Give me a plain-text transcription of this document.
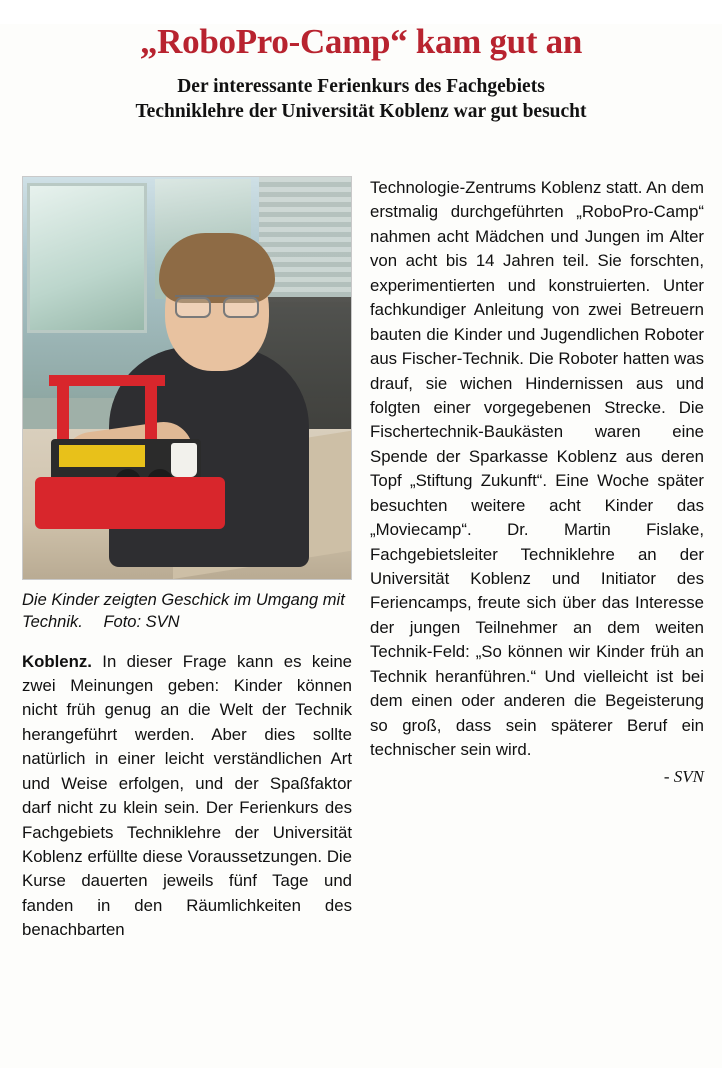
„RoboPro-Camp“ kam gut an
Der interessante Ferienkurs des Fachgebiets
Techniklehre der Universität Koblenz war gut besucht
Die Kinder zeigten Geschick im Umgang mit Technik. Foto: SVN

Koblenz. In dieser Frage kann es keine zwei Meinungen geben: Kinder können nicht früh genug an die Welt der Technik herangeführt werden. Aber dies sollte natürlich in einer leicht verständlichen Art und Weise erfolgen, und der Spaßfaktor darf nicht zu klein sein. Der Ferienkurs des Fachgebiets Techniklehre der Universität Koblenz erfüllte diese Voraussetzungen. Die Kurse dauerten jeweils fünf Tage und fanden in den Räumlichkeiten des benachbarten

Technologie-Zentrums Koblenz statt. An dem erstmalig durchgeführten „RoboPro-Camp“ nahmen acht Mädchen und Jungen im Alter von acht bis 14 Jahren teil. Sie forschten, experimentierten und konstruierten. Unter fachkundiger Anleitung von zwei Betreuern bauten die Kinder und Jugendlichen Roboter aus Fischer-Technik. Die Roboter hatten was drauf, sie wichen Hindernissen aus und folgten einer vorgegebenen Strecke. Die Fischertechnik-Baukästen waren eine Spende der Sparkasse Koblenz aus deren Topf „Stiftung Zukunft“. Eine Woche später besuchten weitere acht Kinder das „Moviecamp“. Dr. Martin Fislake, Fachgebietsleiter Techniklehre an der Universität Koblenz und Initiator des Feriencamps, freute sich über das Interesse der jungen Teilnehmer an dem weiten Technik-Feld: „So können wir Kinder früh an Technik heranführen.“ Und vielleicht ist bei dem einen oder anderen die Begeisterung so groß, dass sein späterer Beruf ein technischer sein wird.
- SVN
